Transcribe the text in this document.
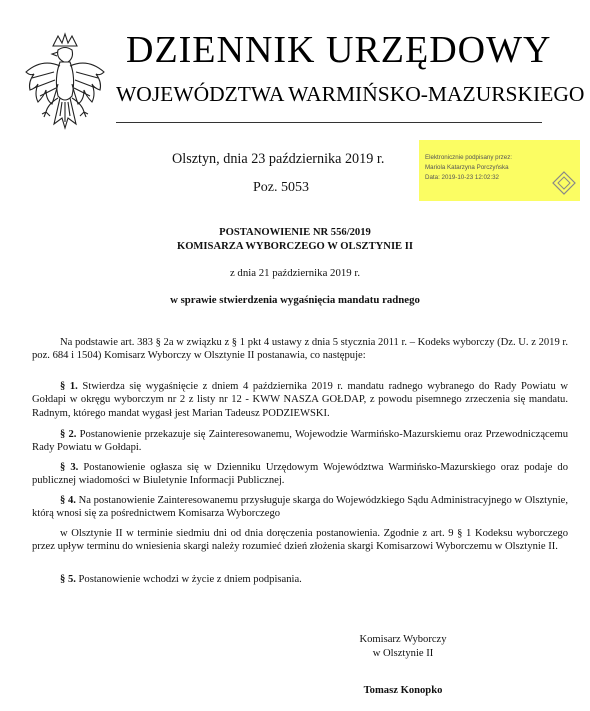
DZIENNIK URZĘDOWY
WOJEWÓDZTWA WARMIŃSKO-MAZURSKIEGO
Olsztyn, dnia 23 października 2019 r.
Poz. 5053
Elektronicznie podpisany przez:
Mariola Katarzyna Porczyńska
Data: 2019-10-23 12:02:32
POSTANOWIENIE NR 556/2019
KOMISARZA WYBORCZEGO W OLSZTYNIE II
z dnia 21 października 2019 r.
w sprawie stwierdzenia wygaśnięcia mandatu radnego
Na podstawie art. 383 § 2a w związku z § 1 pkt 4 ustawy z dnia 5 stycznia 2011 r. – Kodeks wyborczy (Dz. U. z 2019 r. poz. 684 i 1504) Komisarz Wyborczy w Olsztynie II postanawia, co następuje:
§ 1. Stwierdza się wygaśnięcie z dniem 4 października 2019 r. mandatu radnego wybranego do Rady Powiatu w Gołdapi w okręgu wyborczym nr 2 z listy nr 12 - KWW NASZA GOŁDAP, z powodu pisemnego zrzeczenia się mandatu. Radnym, którego mandat wygasł jest Marian Tadeusz PODZIEWSKI.
§ 2. Postanowienie przekazuje się Zainteresowanemu, Wojewodzie Warmińsko-Mazurskiemu oraz Przewodniczącemu Rady Powiatu w Gołdapi.
§ 3. Postanowienie ogłasza się w Dzienniku Urzędowym Województwa Warmińsko-Mazurskiego oraz podaje do publicznej wiadomości w Biuletynie Informacji Publicznej.
§ 4. Na postanowienie Zainteresowanemu przysługuje skarga do Wojewódzkiego Sądu Administracyjnego w Olsztynie, którą wnosi się za pośrednictwem Komisarza Wyborczego
w Olsztynie II w terminie siedmiu dni od dnia doręczenia postanowienia. Zgodnie z art. 9 § 1 Kodeksu wyborczego przez upływ terminu do wniesienia skargi należy rozumieć dzień złożenia skargi Komisarzowi Wyborczemu w Olsztynie II.
§ 5. Postanowienie wchodzi w życie z dniem podpisania.
Komisarz Wyborczy
w Olsztynie II
Tomasz Konopko
